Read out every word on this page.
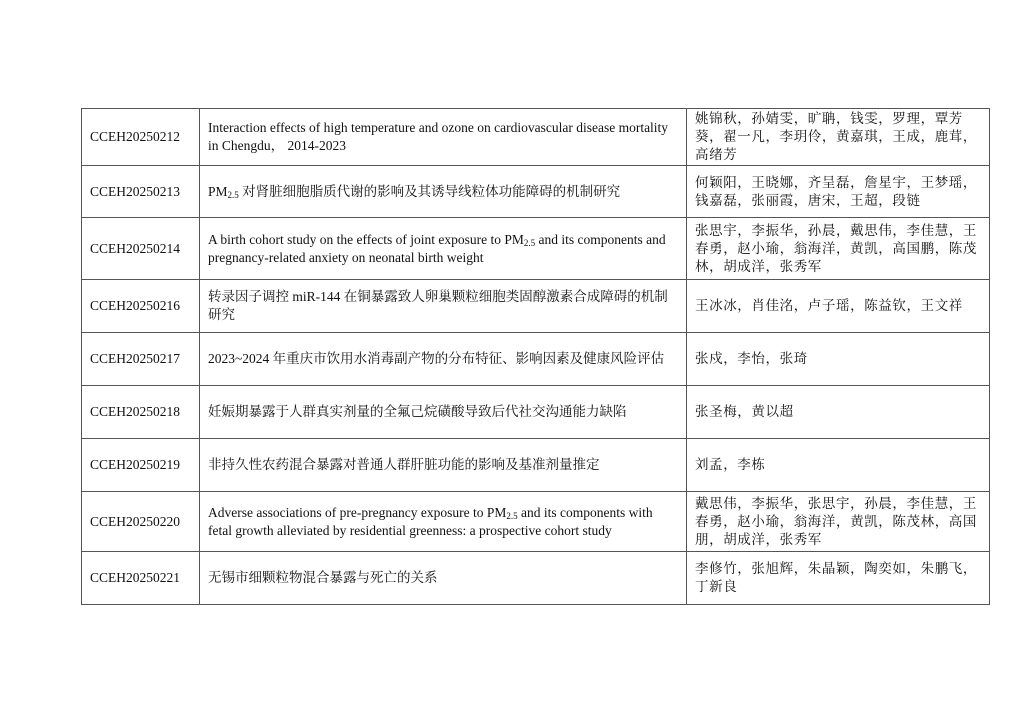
CCEH20250212	Interaction effects of high temperature and ozone on cardiovascular disease mortality in Chengdu， 2014-2023	姚锦秋，孙婧雯，旷聃，钱雯，罗理，覃芳葵，翟一凡，李玥伶，黄嘉琪，王成，鹿茸，高绪芳
CCEH20250213	$PM_{2.5}$ 对肾脏细胞脂质代谢的影响及其诱导线粒体功能障碍的机制研究	何颖阳，王晓娜，齐呈磊，詹星宇，王梦瑶，钱嘉磊，张丽霞，唐宋，王超，段链
CCEH20250214	A birth cohort study on the effects of joint exposure to $PM_{2.5}$ and its components and pregnancy-related anxiety on neonatal birth weight	张思宇，李振华，孙晨，戴思伟，李佳慧，王春勇，赵小瑜，翁海洋，黄凯，高国鹏，陈茂林，胡成洋，张秀军
CCEH20250216	转录因子调控 miR-144 在铜暴露致人卵巢颗粒细胞类固醇激素合成障碍的机制研究	王冰冰，肖佳洺，卢子瑶，陈益钦，王文祥
CCEH20250217	2023~2024 年重庆市饮用水消毒副产物的分布特征、影响因素及健康风险评估	张戍，李怡，张琦
CCEH20250218	妊娠期暴露于人群真实剂量的全氟己烷磺酸导致后代社交沟通能力缺陷	张圣梅，黄以超
CCEH20250219	非持久性农药混合暴露对普通人群肝脏功能的影响及基准剂量推定	刘孟，李栋
CCEH20250220	Adverse associations of pre-pregnancy exposure to $PM_{2.5}$ and its components with fetal growth alleviated by residential greenness: a prospective cohort study	戴思伟，李振华，张思宇，孙晨，李佳慧，王春勇，赵小瑜，翁海洋，黄凯，陈茂林，高国朋，胡成洋，张秀军
CCEH20250221	无锡市细颗粒物混合暴露与死亡的关系	李修竹，张旭辉，朱晶颖，陶奕如，朱鹏飞，丁新良
